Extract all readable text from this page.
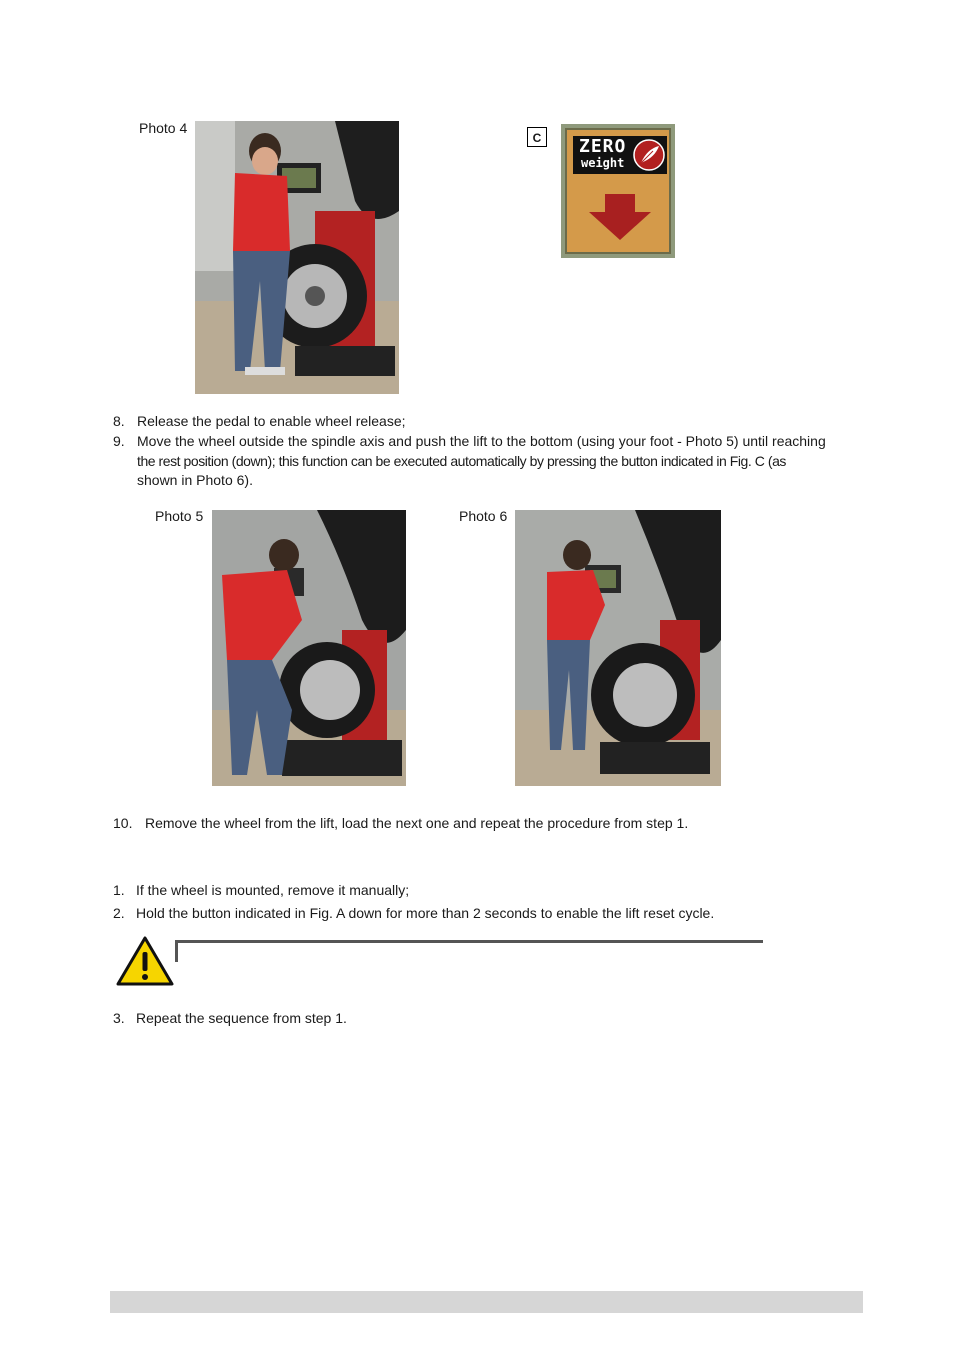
Photo 4
C	ZERO
weight
8. Release the pedal to enable wheel release;
9. Move the wheel outside the spindle axis and push the lift to the bottom (using your foot - Photo 5) until reaching
the rest position (down); this function can be executed automatically by pressing the button indicated in Fig. C (as
shown in Photo 6).
Photo 5	Photo 6
10. Remove the wheel from the lift, load the next one and repeat the procedure from step 1.
1. If the wheel is mounted, remove it manually;
2. Hold the button indicated in Fig. A down for more than 2 seconds to enable the lift reset cycle.
3. Repeat the sequence from step 1.
